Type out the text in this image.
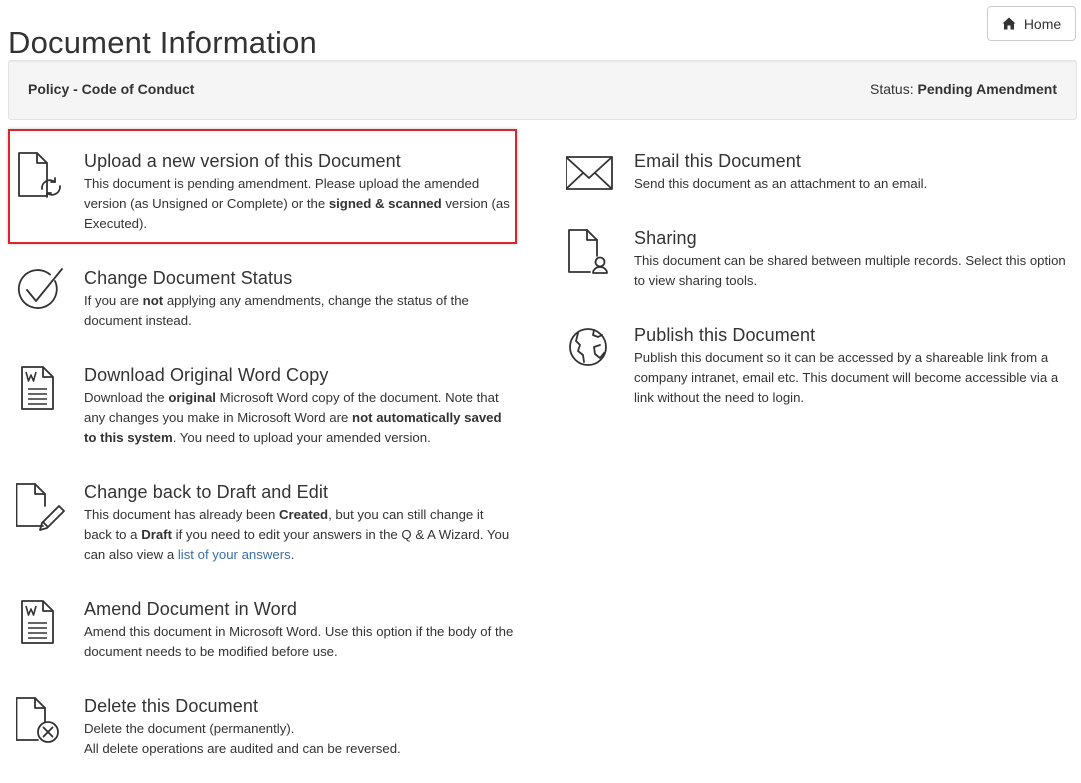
Document Information
Home
Policy - Code of Conduct	Status: Pending Amendment
Upload a new version of this Document
This document is pending amendment. Please upload the amended version (as Unsigned or Complete) or the signed & scanned version (as Executed).
Change Document Status
If you are not applying any amendments, change the status of the document instead.
Download Original Word Copy
Download the original Microsoft Word copy of the document. Note that any changes you make in Microsoft Word are not automatically saved to this system. You need to upload your amended version.
Change back to Draft and Edit
This document has already been Created, but you can still change it back to a Draft if you need to edit your answers in the Q & A Wizard. You can also view a list of your answers.
Amend Document in Word
Amend this document in Microsoft Word. Use this option if the body of the document needs to be modified before use.
Delete this Document
Delete the document (permanently).
All delete operations are audited and can be reversed.
Email this Document
Send this document as an attachment to an email.
Sharing
This document can be shared between multiple records. Select this option to view sharing tools.
Publish this Document
Publish this document so it can be accessed by a shareable link from a company intranet, email etc. This document will become accessible via a link without the need to login.
